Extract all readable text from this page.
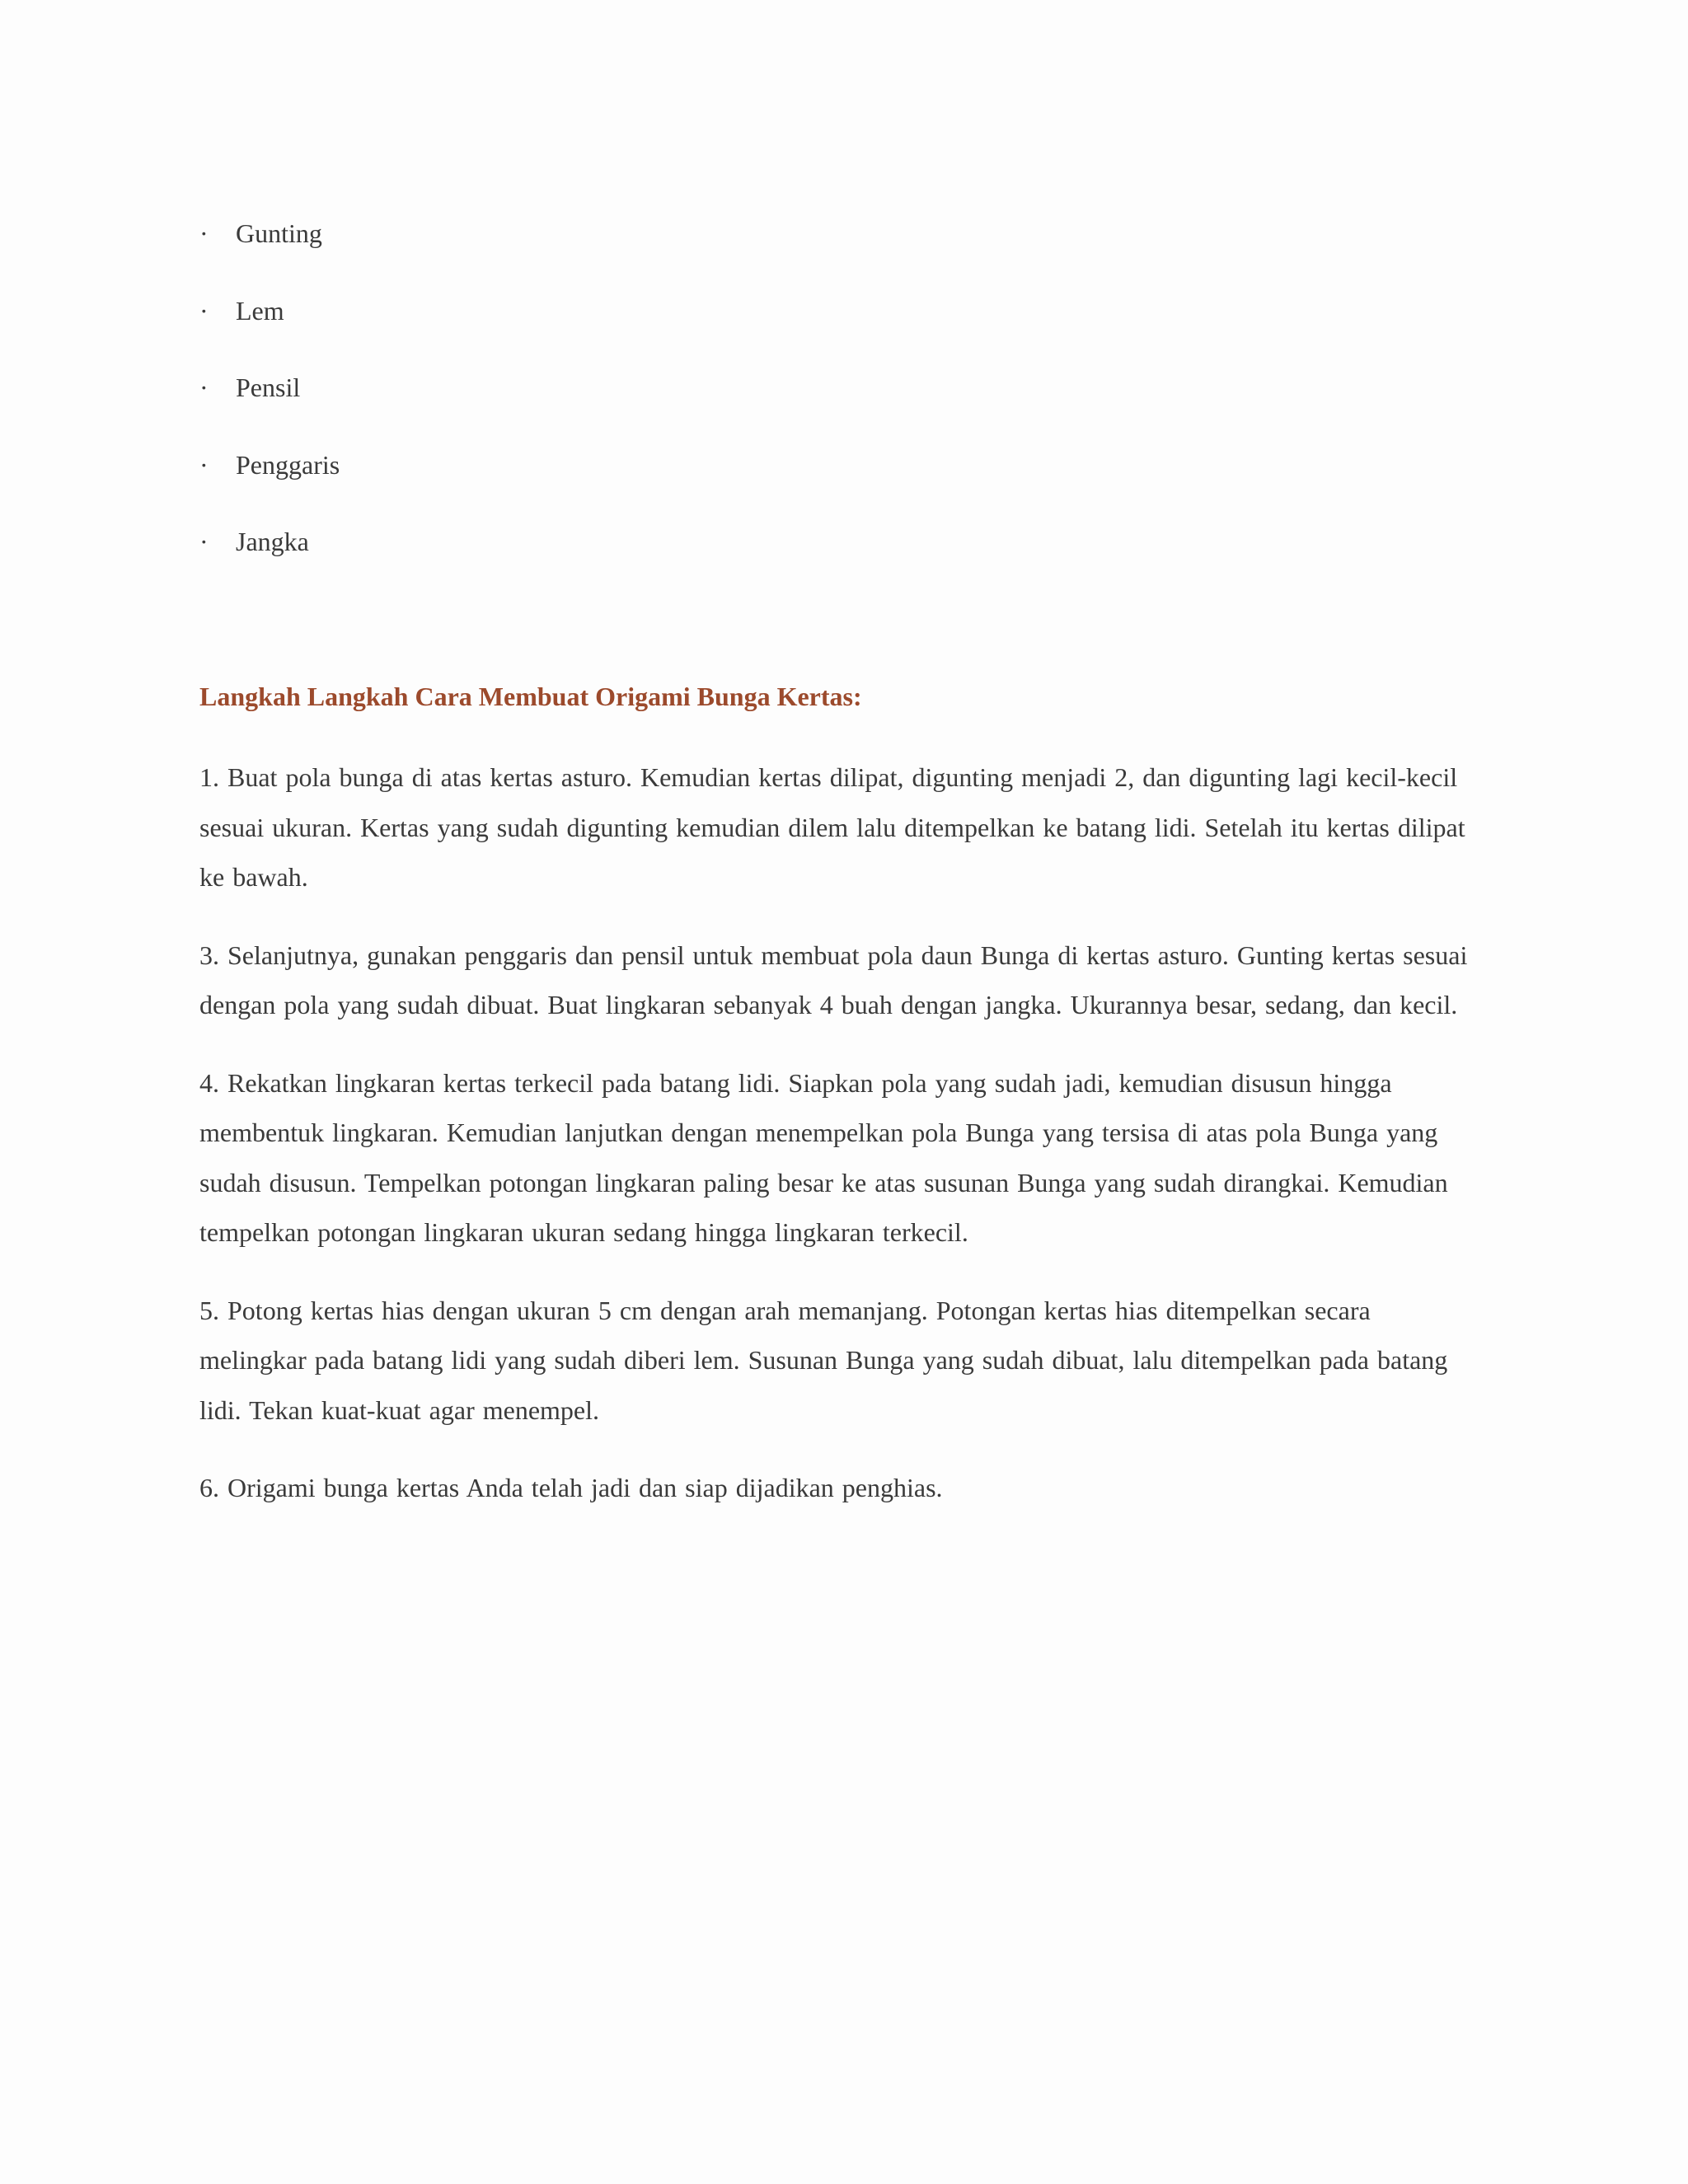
· Gunting
· Lem
· Pensil
· Penggaris
· Jangka
Langkah Langkah Cara Membuat Origami Bunga Kertas:

1. Buat pola bunga di atas kertas asturo. Kemudian kertas dilipat, digunting menjadi 2, dan digunting lagi kecil-kecil sesuai ukuran. Kertas yang sudah digunting kemudian dilem lalu ditempelkan ke batang lidi. Setelah itu kertas dilipat ke bawah.

3. Selanjutnya, gunakan penggaris dan pensil untuk membuat pola daun Bunga di kertas asturo. Gunting kertas sesuai dengan pola yang sudah dibuat. Buat lingkaran sebanyak 4 buah dengan jangka. Ukurannya besar, sedang, dan kecil.

4. Rekatkan lingkaran kertas terkecil pada batang lidi. Siapkan pola yang sudah jadi, kemudian disusun hingga membentuk lingkaran. Kemudian lanjutkan dengan menempelkan pola Bunga yang tersisa di atas pola Bunga yang sudah disusun. Tempelkan potongan lingkaran paling besar ke atas susunan Bunga yang sudah dirangkai. Kemudian tempelkan potongan lingkaran ukuran sedang hingga lingkaran terkecil.

5. Potong kertas hias dengan ukuran 5 cm dengan arah memanjang. Potongan kertas hias ditempelkan secara melingkar pada batang lidi yang sudah diberi lem. Susunan Bunga yang sudah dibuat, lalu ditempelkan pada batang lidi. Tekan kuat-kuat agar menempel.

6. Origami bunga kertas Anda telah jadi dan siap dijadikan penghias.
